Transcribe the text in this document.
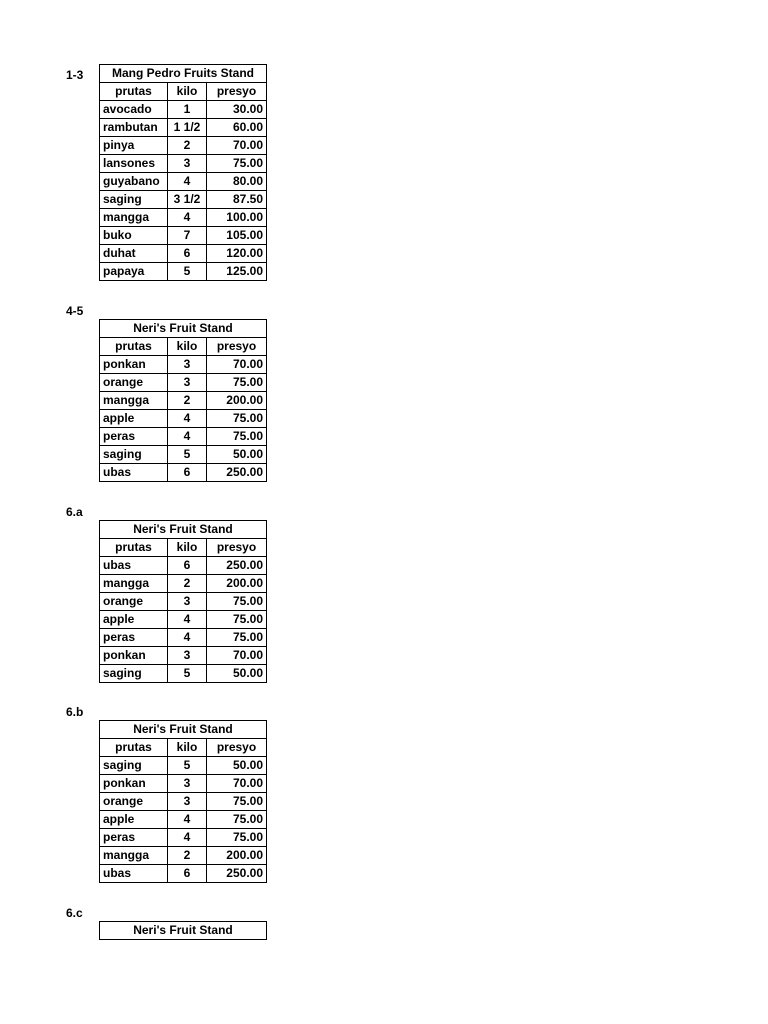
1-3 Mang Pedro Fruits Stand		
prutas	kilo	presyo
avocado	1	30.00
rambutan	1 1/2	60.00
pinya	2	70.00
lansones	3	75.00
guyabano	4	80.00
saging	3 1/2	87.50
mangga	4	100.00
buko	7	105.00
duhat	6	120.00
papaya	5	125.00
4-5
Neri's Fruit Stand		
prutas	kilo	presyo
ponkan	3	70.00
orange	3	75.00
mangga	2	200.00
apple	4	75.00
peras	4	75.00
saging	5	50.00
ubas	6	250.00
6.a
Neri's Fruit Stand		
prutas	kilo	presyo
ubas	6	250.00
mangga	2	200.00
orange	3	75.00
apple	4	75.00
peras	4	75.00
ponkan	3	70.00
saging	5	50.00
6.b
Neri's Fruit Stand		
prutas	kilo	presyo
saging	5	50.00
ponkan	3	70.00
orange	3	75.00
apple	4	75.00
peras	4	75.00
mangga	2	200.00
ubas	6	250.00
6.c
Neri's Fruit Stand
